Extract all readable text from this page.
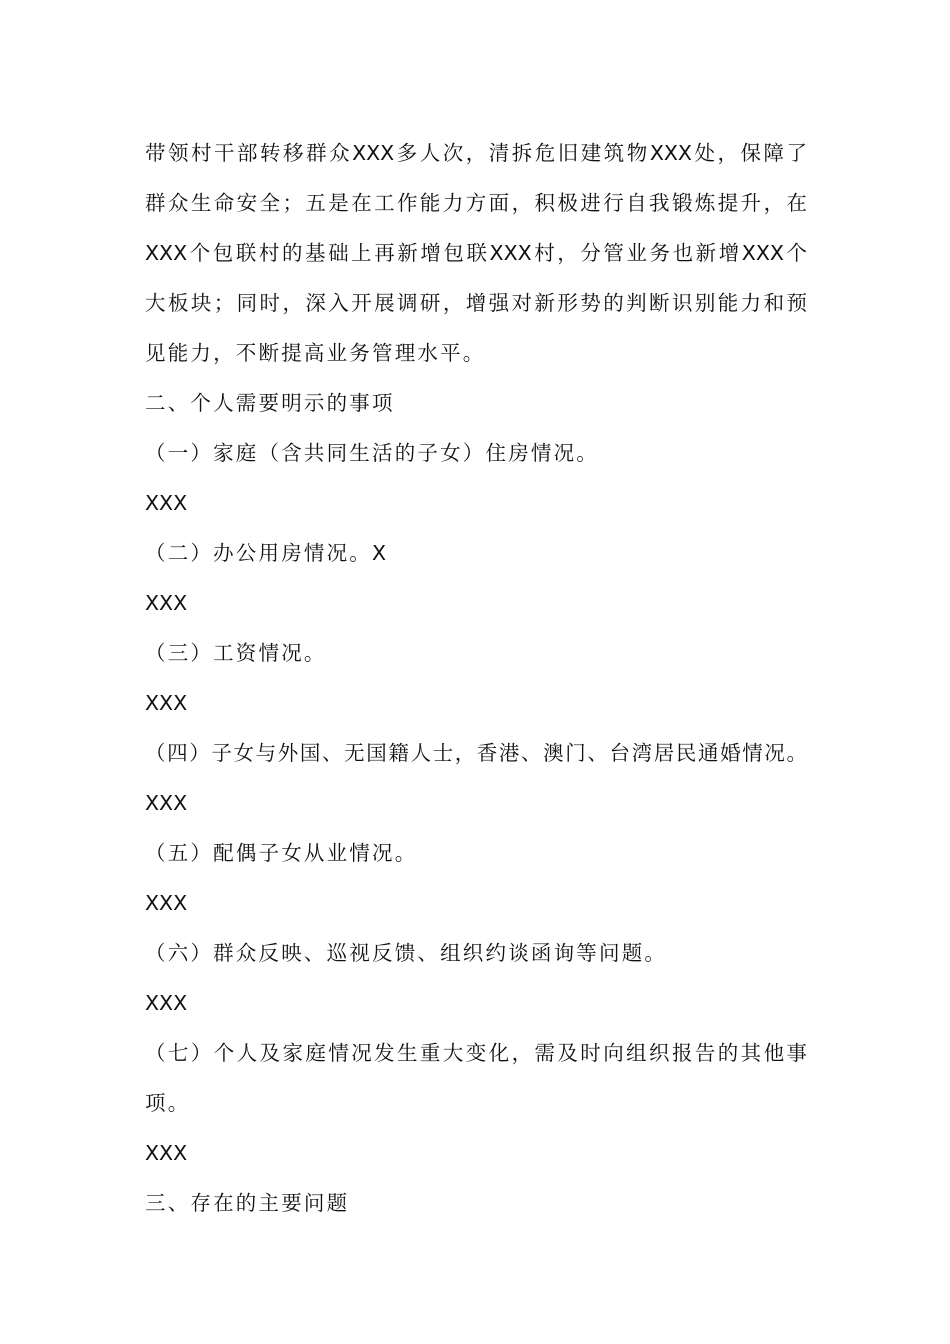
带领村干部转移群众XXX多人次，清拆危旧建筑物XXX处，保障了
群众生命安全；五是在工作能力方面，积极进行自我锻炼提升，在
XXX个包联村的基础上再新增包联XXX村，分管业务也新增XXX个
大板块；同时，深入开展调研，增强对新形势的判断识别能力和预
见能力，不断提高业务管理水平。
二、个人需要明示的事项
（一）家庭（含共同生活的子女）住房情况。
XXX
（二）办公用房情况。X
XXX
（三）工资情况。
XXX
（四）子女与外国、无国籍人士，香港、澳门、台湾居民通婚情况。
XXX
（五）配偶子女从业情况。
XXX
（六）群众反映、巡视反馈、组织约谈函询等问题。
XXX
（七）个人及家庭情况发生重大变化，需及时向组织报告的其他事
项。
XXX
三、存在的主要问题
